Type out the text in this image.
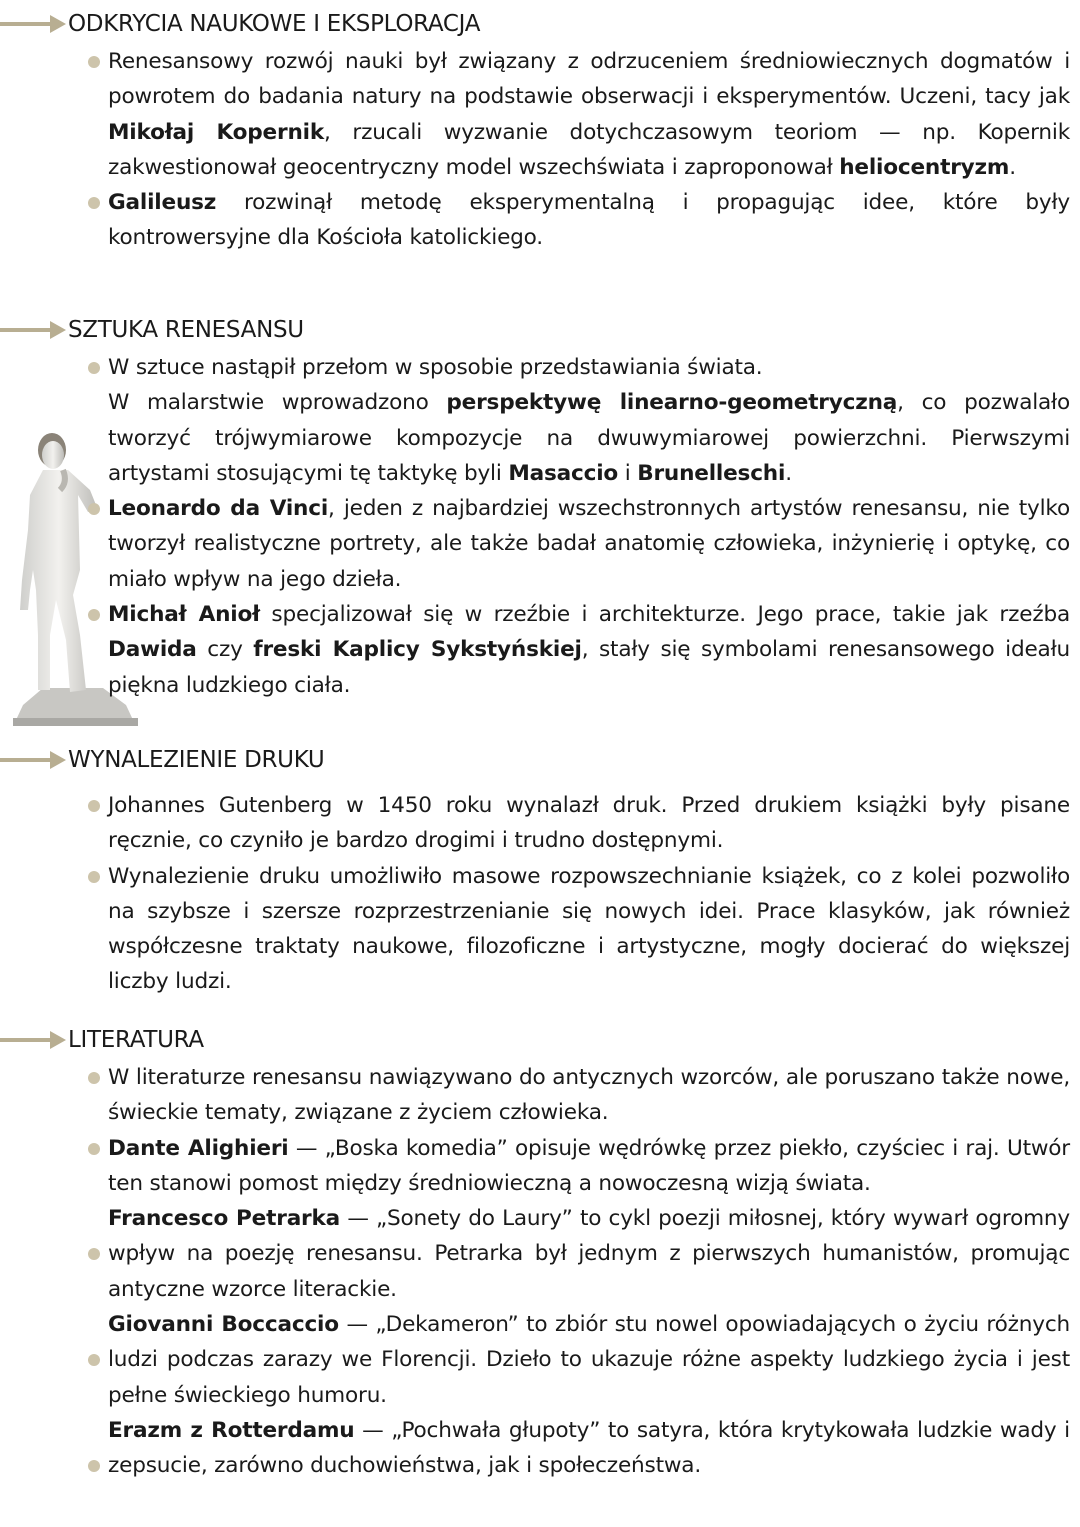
ODKRYCIA NAUKOWE I EKSPLORACJA
Renesansowy rozwój nauki był związany z odrzuceniem średniowiecznych dogmatów i powrotem do badania natury na podstawie obserwacji i eksperymentów. Uczeni, tacy jak Mikołaj Kopernik, rzucali wyzwanie dotychczasowym teoriom — np. Kopernik zakwestionował geocentryczny model wszechświata i zaproponował heliocentryzm.
Galileusz rozwinął metodę eksperymentalną i propagując idee, które były kontrowersyjne dla Kościoła katolickiego.
SZTUKA RENESANSU
W sztuce nastąpił przełom w sposobie przedstawiania świata.
W malarstwie wprowadzono perspektywę linearno-geometryczną, co pozwalało tworzyć trójwymiarowe kompozycje na dwuwymiarowej powierzchni. Pierwszymi artystami stosującymi tę taktykę byli Masaccio i Brunelleschi.
Leonardo da Vinci, jeden z najbardziej wszechstronnych artystów renesansu, nie tylko tworzył realistyczne portrety, ale także badał anatomię człowieka, inżynierię i optykę, co miało wpływ na jego dzieła.
Michał Anioł specjalizował się w rzeźbie i architekturze. Jego prace, takie jak rzeźba Dawida czy freski Kaplicy Sykstyńskiej, stały się symbolami renesansowego ideału piękna ludzkiego ciała.
WYNALEZIENIE DRUKU
Johannes Gutenberg w 1450 roku wynalazł druk. Przed drukiem książki były pisane ręcznie, co czyniło je bardzo drogimi i trudno dostępnymi.
Wynalezienie druku umożliwiło masowe rozpowszechnianie książek, co z kolei pozwoliło na szybsze i szersze rozprzestrzenianie się nowych idei. Prace klasyków, jak również współczesne traktaty naukowe, filozoficzne i artystyczne, mogły docierać do większej liczby ludzi.
LITERATURA
W literaturze renesansu nawiązywano do antycznych wzorców, ale poruszano także nowe, świeckie tematy, związane z życiem człowieka.
Dante Alighieri — „Boska komedia” opisuje wędrówkę przez piekło, czyściec i raj. Utwór ten stanowi pomost między średniowieczną a nowoczesną wizją świata.
Francesco Petrarka — „Sonety do Laury” to cykl poezji miłosnej, który wywarł ogromny wpływ na poezję renesansu. Petrarka był jednym z pierwszych humanistów, promując antyczne wzorce literackie.
Giovanni Boccaccio — „Dekameron” to zbiór stu nowel opowiadających o życiu różnych ludzi podczas zarazy we Florencji. Dzieło to ukazuje różne aspekty ludzkiego życia i jest pełne świeckiego humoru.
Erazm z Rotterdamu — „Pochwała głupoty” to satyra, która krytykowała ludzkie wady i zepsucie, zarówno duchowieństwa, jak i społeczeństwa.
